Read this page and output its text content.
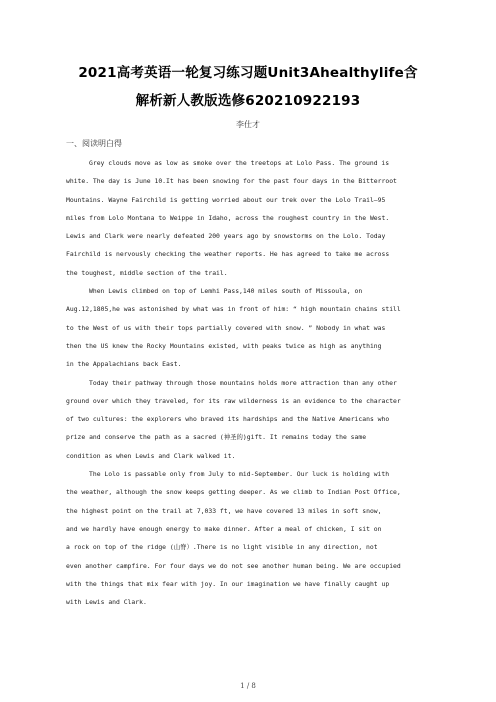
2021高考英语一轮复习练习题Unit3Ahealthylife含
解析新人教版选修620210922193
李仕才
一、阅读明白得
Grey clouds move as low as smoke over the treetops at Lolo Pass. The ground is
white. The day is June 10.It has been snowing for the past four days in the Bitterroot
Mountains. Wayne Fairchild is getting worried about our trek over the Lolo Trail—95
miles from Lolo Montana to Weippe in Idaho, across the roughest country in the West.
Lewis and Clark were nearly defeated 200 years ago by snowstorms on the Lolo. Today
Fairchild is nervously checking the weather reports. He has agreed to take me across
the toughest, middle section of the trail.
When Lewis climbed on top of Lemhi Pass,140 miles south of Missoula, on
Aug.12,1805,he was astonished by what was in front of him: “ high mountain chains still
to the West of us with their tops partially covered with snow. ” Nobody in what was
then the US knew the Rocky Mountains existed, with peaks twice as high as anything
in the Appalachians back East.
Today their pathway through those mountains holds more attraction than any other
ground over which they traveled, for its raw wilderness is an evidence to the character
of two cultures: the explorers who braved its hardships and the Native Americans who
prize and conserve the path as a sacred (神圣的)gift. It remains today the same
condition as when Lewis and Clark walked it.
The Lolo is passable only from July to mid-September. Our luck is holding with
the weather, although the snow keeps getting deeper. As we climb to Indian Post Office,
the highest point on the trail at 7,033 ft, we have covered 13 miles in soft snow,
and we hardly have enough energy to make dinner. After a meal of chicken, I sit on
a rock on top of the ridge (山脊）.There is no light visible in any direction, not
even another campfire. For four days we do not see another human being. We are occupied
with the things that mix fear with joy. In our imagination we have finally caught up
with Lewis and Clark.
1 / 8
